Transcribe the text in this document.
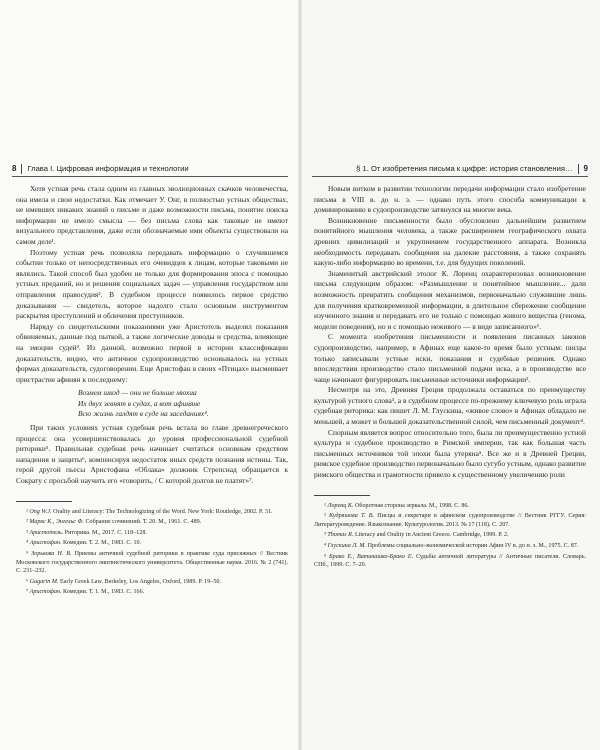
8 Глава I. Цифровая информация и технологии	§ 1. От изобретения письма к цифре: история становления… 9

Хотя устная речь стала одним из главных эволюционных скачков человечества, она имела и свои недостатки. Как отмечает У. Онг, в полностью устных обществах, не имевших никаких знаний о письме и даже возможности письма, понятие поиска информации не имело смысла — без письма слова как таковые не имеют визуального представления, даже если обозначаемые ими объекты существовали на самом деле¹.

Поэтому устная речь позволяла передавать информацию о случившемся событии только от непосредственных его очевидцев к лицам, которые таковыми не являлись. Такой способ был удобен не только для формирования эпоса с помощью устных преданий, но и решения социальных задач — управления государством или отправления правосудия². В судебном процессе появилось первое средство доказывания — свидетель, которое надолго стало основным инструментом раскрытия преступлений и обличения преступников.

Наряду со свидетельскими показаниями уже Аристотель выделял показания обвиняемых, данные под пыткой, а также логические доводы и средства, влияющие на эмоции судей³. Из данной, возможно первой в истории классификации доказательств, видно, что античное судопроизводство основывалось на устных формах доказательств, судоговорении. Еще Аристофан в своих «Птицах» высмеивает пристрастие афинян к последнему:

Возмем шкод — они не больше мюхиа
Их двух зевнят в судах, а вот афиняне
Всю жизнь галдят в суде на заседаниях⁴.

При таких условиях устная судебная речь встала во главе древнегреческого процесса: она усовершенствовалась до уровня профессиональной судебной риторики⁵. Правильная судебная речь начинает считаться основным средством нападения и защиты⁶, компенсируя недостаток иных средств познания истины. Так, герой другой пьесы Аристофана «Облака» должник Стрепсиад обращается к Сократу с просьбой научить его «говорить, / С которой долгов не платят»⁷.

¹ Ong W.J. Orality and Literacy: The Technologizing of the Word. New York: Routledge, 2002. P. 31.
² Маркс К., Энгельс Ф. Собрание сочинений. Т. 20. М., 1961. С. 489.
³ Аристотель. Риторика. М., 2017. С. 118–128.
⁴ Аристофан. Комедии. Т. 2. М., 1983. С. 10.
⁵ Зорькова Н. В. Приемы античной судебной риторики в практике суда присяжных // Вестник Московского государственного лингвистического университета. Общественные науки. 2016. № 2 (741). С. 231–232.
⁶ Gagarin M. Early Greek Law. Berkeley, Los Angeles, Oxford, 1989. P. 19–50.
⁷ Аристофан. Комедии. Т. 1. М., 1983. С. 166.

Новым витком в развитии технологии передачи информации стало изобретение письма в VIII в. до н. э. — однако путь этого способа коммуникации к доминированию в судопроизводстве затянулся на многие века.

Возникновение письменности было обусловлено дальнейшим развитием понятийного мышления человека, а также расширением географического охвата древних цивилизаций и укрупнением государственного аппарата. Возникла необходимость передавать сообщения на далекие расстояния, а также сохранять какую-либо информацию во времени, т.е. для будущих поколений.

Знаменитый австрийский этолог К. Лоренц охарактеризовал возникновение письма следующим образом: «Размышление и понятийное мышление... дали возможность превратить сообщения механизмов, первоначально служившие лишь для получения кратковременной информации, в длительное сбережение сообщение изученного знания и передавать его не только с помощью живого вещества (генома, модели поведения), но и с помощью неживого — в виде записанного»¹.

С момента изобретения письменности и появления писанных законов судопроизводство, например, в Афинах еще какое-то время было устным: писцы только записывали устные иски, показания и судебные решения. Однако впоследствии производство стало письменной подачи иска, а в производстве все чаще начинают фигурировать письменные источники информации².

Несмотря на это, Древняя Греция продолжала оставаться по преимуществу культурой устного слова³, а в судебном процессе по-прежнему ключевую роль играла судебная риторика: как пишет Л. М. Глускина, «живое слово» в Афинах обладало не меньшей, а может и большей доказательственной силой, чем письменный документ⁴.

Спорным является вопрос относительно того, была ли преимущественно устной культура и судебное производство в Римской империи, так как большая часть письменных источников той эпохи была утеряна⁵. Все же и в Древней Греции, римское судебное производство первоначально было сугубо устным, однако развитие римского общества и грамотности привело к существенному увеличению роли

¹ Лоренц К. Оборотная сторона зеркала. М., 1998. С. 86.
² Кудряшова Т. В. Писцы и секретари в афинском судопроизводстве // Вестник РГГУ. Серия: Литературоведение. Языкознание. Культурология. 2013. № 17 (118). С. 207.
³ Thomas R. Literacy and Orality in Ancient Greece. Cambridge, 1999. P. 2.
⁴ Глускина Л. М. Проблемы социально-экономической истории Афин IV в. до н. э. М., 1975. С. 87.
⁵ Брако Е., Ватинашко-Брако Е. Судьбы античной литературы // Античные писатели. Словарь. СПб., 1999. С. 7–20.
